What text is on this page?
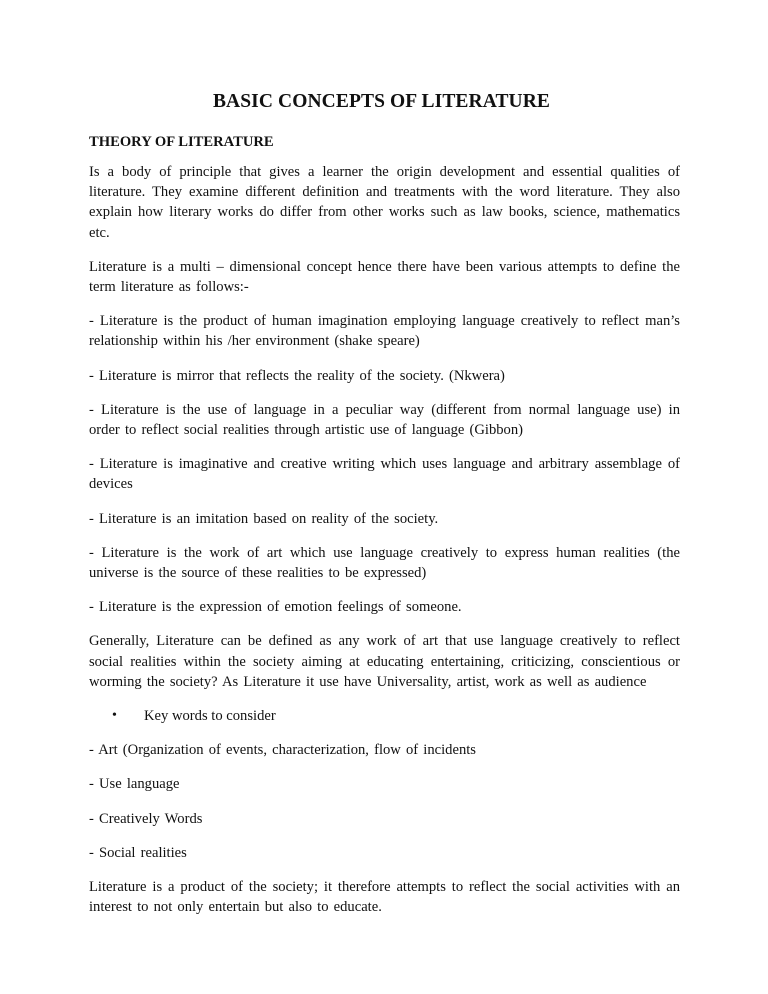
BASIC CONCEPTS OF LITERATURE
THEORY OF LITERATURE

Is a body of principle that gives a learner the origin development and essential qualities of literature. They examine different definition and treatments with the word literature. They also explain how literary works do differ from other works such as law books, science, mathematics etc.

Literature is a multi – dimensional concept hence there have been various attempts to define the term literature as follows:-

- Literature is the product of human imagination employing language creatively to reflect man’s relationship within his /her environment (shake speare)

- Literature is mirror that reflects the reality of the society. (Nkwera)

- Literature is the use of language in a peculiar way (different from normal language use) in order to reflect social realities through artistic use of language (Gibbon)

- Literature is imaginative and creative writing which uses language and arbitrary assemblage of devices

- Literature is an imitation based on reality of the society.

- Literature is the work of art which use language creatively to express human realities (the universe is the source of these realities to be expressed)

- Literature is the expression of emotion feelings of someone.

Generally, Literature can be defined as any work of art that use language creatively to reflect social realities within the society aiming at educating entertaining, criticizing, conscientious or worming the society? As Literature it use have Universality, artist, work as well as audience

•	Key words to consider

- Art (Organization of events, characterization, flow of incidents

- Use language

- Creatively Words

- Social realities

Literature is a product of the society; it therefore attempts to reflect the social activities with an interest to not only entertain but also to educate.
